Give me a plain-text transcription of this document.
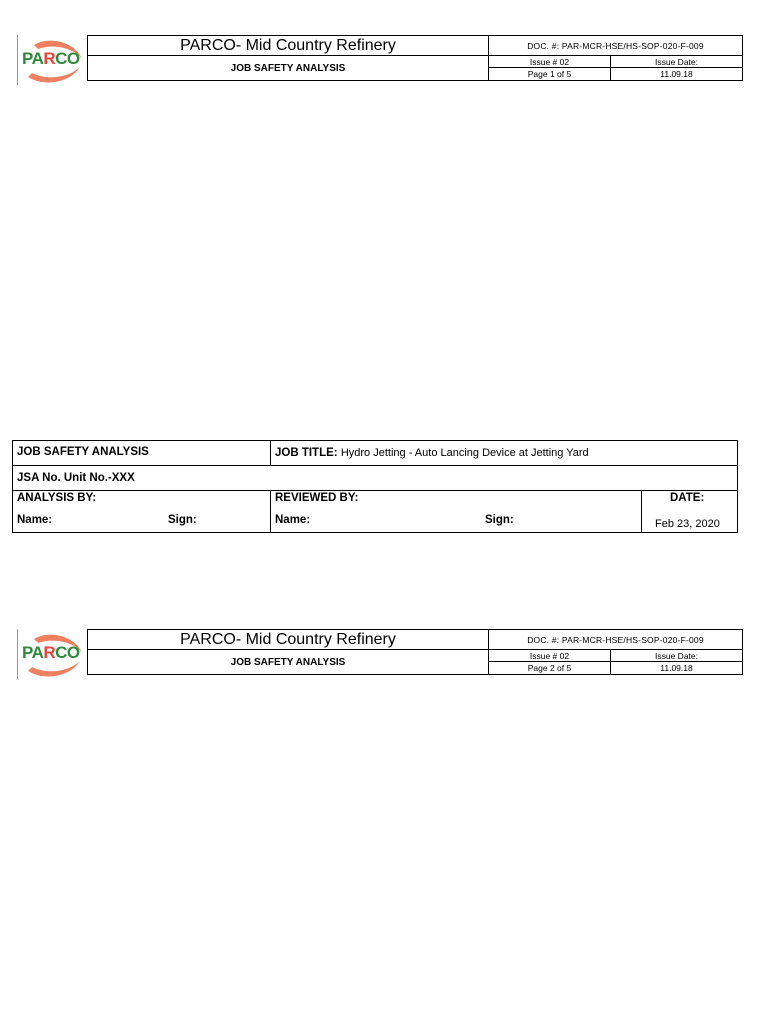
PARCO
PARCO- Mid Country Refinery
JOB SAFETY ANALYSIS
DOC. #: PAR-MCR-HSE/HS-SOP-020-F-009
Issue # 02	Issue Date:
Page 1 of 5	11.09.18
JOB SAFETY ANALYSIS	JOB TITLE: Hydro Jetting - Auto Lancing Device at Jetting Yard
JSA No. Unit No.-XXX
ANALYSIS BY:	REVIEWED BY:	DATE:
Name:	Sign:	Name:	Sign:	Feb 23, 2020
PARCO
PARCO- Mid Country Refinery
JOB SAFETY ANALYSIS
DOC. #: PAR-MCR-HSE/HS-SOP-020-F-009
Issue # 02	Issue Date:
Page 2 of 5	11.09.18
